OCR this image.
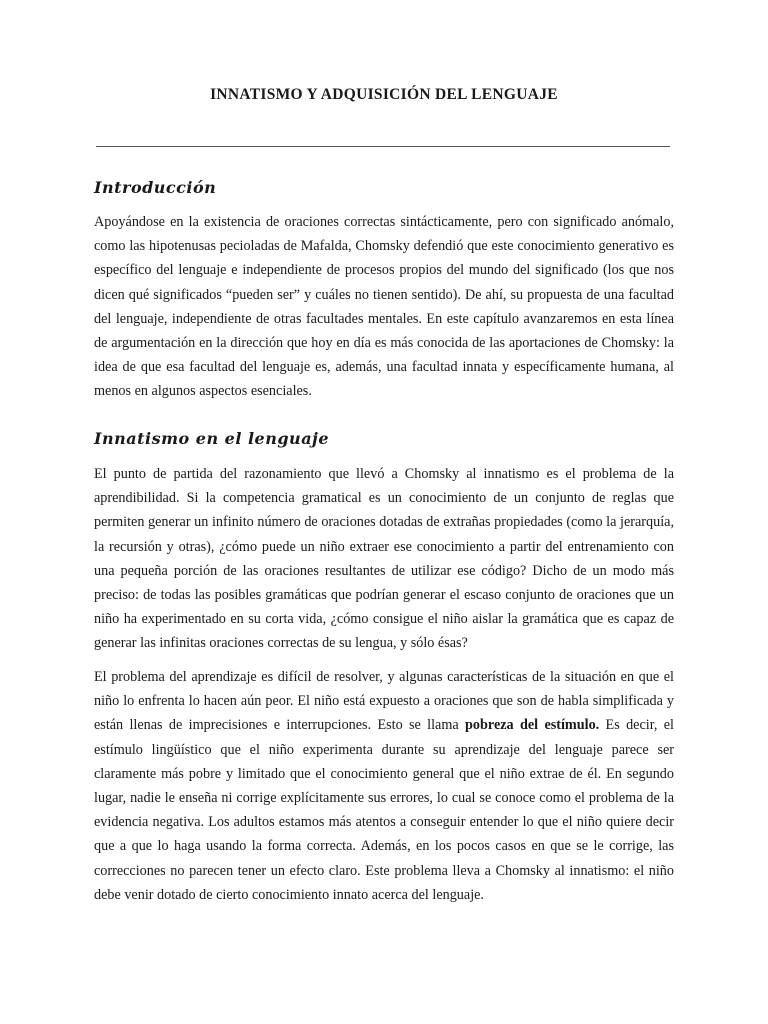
INNATISMO Y ADQUISICIÓN DEL LENGUAJE
Introducción

Apoyándose en la existencia de oraciones correctas sintácticamente, pero con significado anómalo, como las hipotenusas pecioladas de Mafalda, Chomsky defendió que este conocimiento generativo es específico del lenguaje e independiente de procesos propios del mundo del significado (los que nos dicen qué significados “pueden ser” y cuáles no tienen sentido). De ahí, su propuesta de una facultad del lenguaje, independiente de otras facultades mentales. En este capítulo avanzaremos en esta línea de argumentación en la dirección que hoy en día es más conocida de las aportaciones de Chomsky: la idea de que esa facultad del lenguaje es, además, una facultad innata y específicamente humana, al menos en algunos aspectos esenciales.

Innatismo en el lenguaje

El punto de partida del razonamiento que llevó a Chomsky al innatismo es el problema de la aprendibilidad. Si la competencia gramatical es un conocimiento de un conjunto de reglas que permiten generar un infinito número de oraciones dotadas de extrañas propiedades (como la jerarquía, la recursión y otras), ¿cómo puede un niño extraer ese conocimiento a partir del entrenamiento con una pequeña porción de las oraciones resultantes de utilizar ese código? Dicho de un modo más preciso: de todas las posibles gramáticas que podrían generar el escaso conjunto de oraciones que un niño ha experimentado en su corta vida, ¿cómo consigue el niño aislar la gramática que es capaz de generar las infinitas oraciones correctas de su lengua, y sólo ésas?

El problema del aprendizaje es difícil de resolver, y algunas características de la situación en que el niño lo enfrenta lo hacen aún peor. El niño está expuesto a oraciones que son de habla simplificada y están llenas de imprecisiones e interrupciones. Esto se llama pobreza del estímulo. Es decir, el estímulo lingüístico que el niño experimenta durante su aprendizaje del lenguaje parece ser claramente más pobre y limitado que el conocimiento general que el niño extrae de él. En segundo lugar, nadie le enseña ni corrige explícitamente sus errores, lo cual se conoce como el problema de la evidencia negativa. Los adultos estamos más atentos a conseguir entender lo que el niño quiere decir que a que lo haga usando la forma correcta. Además, en los pocos casos en que se le corrige, las correcciones no parecen tener un efecto claro. Este problema lleva a Chomsky al innatismo: el niño debe venir dotado de cierto conocimiento innato acerca del lenguaje.
